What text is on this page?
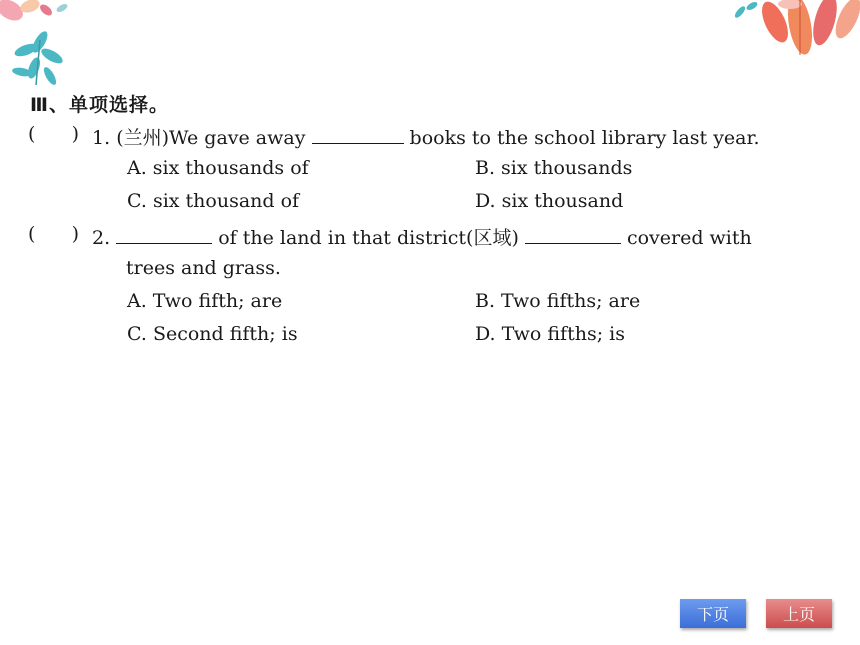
Ⅲ、单项选择。
(      ) 1. (兰州)We gave away	books to the school library last year.
A. six thousands of	B. six thousands
C. six thousand of	D. six thousand
(      ) 2.	of the land in that district(区域)	covered with
trees and grass.
A. Two fifth; are	B. Two fifths; are
C. Second fifth; is	D. Two fifths; is
下页	上页
